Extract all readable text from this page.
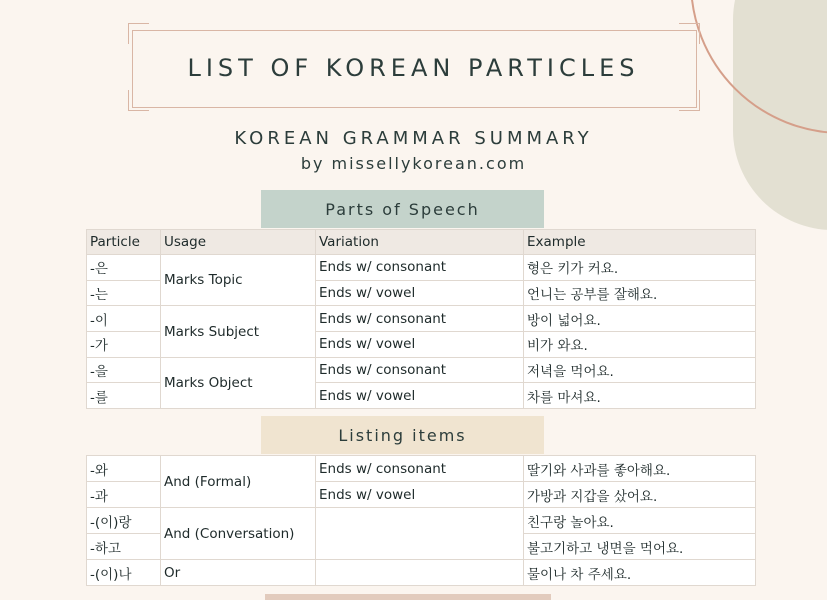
LIST OF KOREAN PARTICLES
KOREAN GRAMMAR SUMMARY
by missellykorean.com
Parts of Speech
Particle	Usage	Variation	Example
-은	Marks Topic	Ends w/ consonant	형은 키가 커요.
-는		Ends w/ vowel	언니는 공부를 잘해요.
-이	Marks Subject	Ends w/ consonant	방이 넓어요.
-가		Ends w/ vowel	비가 와요.
-을	Marks Object	Ends w/ consonant	저녁을 먹어요.
-를		Ends w/ vowel	차를 마셔요.
Listing items
-와	And (Formal)	Ends w/ consonant	딸기와 사과를 좋아해요.
-과		Ends w/ vowel	가방과 지갑을 샀어요.
-(이)랑	And (Conversation)		친구랑 놀아요.
-하고			불고기하고 냉면을 먹어요.
-(이)나	Or		물이나 차 주세요.
